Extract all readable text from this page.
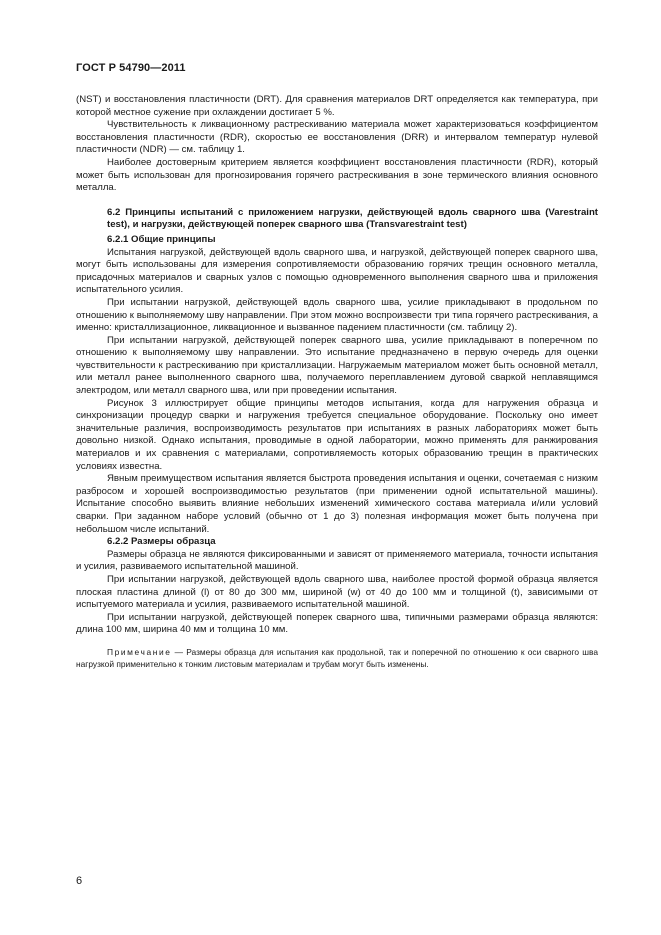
ГОСТ Р 54790—2011

(NST) и восстановления пластичности (DRT). Для сравнения материалов DRT определяется как температура, при которой местное сужение при охлаждении достигает 5 %.

Чувствительность к ликвационному растрескиванию материала может характеризоваться коэффициентом восстановления пластичности (RDR), скоростью ее восстановления (DRR) и интервалом температур нулевой пластичности (NDR) — см. таблицу 1.

Наиболее достоверным критерием является коэффициент восстановления пластичности (RDR), который может быть использован для прогнозирования горячего растрескивания в зоне термического влияния основного металла.

6.2 Принципы испытаний с приложением нагрузки, действующей вдоль сварного шва (Varestraint test), и нагрузки, действующей поперек сварного шва (Transvarestraint test)

6.2.1 Общие принципы

Испытания нагрузкой, действующей вдоль сварного шва, и нагрузкой, действующей поперек сварного шва, могут быть использованы для измерения сопротивляемости образованию горячих трещин основного металла, присадочных материалов и сварных узлов с помощью одновременного выполнения сварного шва и приложения испытательного усилия.

При испытании нагрузкой, действующей вдоль сварного шва, усилие прикладывают в продольном по отношению к выполняемому шву направлении. При этом можно воспроизвести три типа горячего растрескивания, а именно: кристаллизационное, ликвационное и вызванное падением пластичности (см. таблицу 2).

При испытании нагрузкой, действующей поперек сварного шва, усилие прикладывают в поперечном по отношению к выполняемому шву направлении. Это испытание предназначено в первую очередь для оценки чувствительности к растрескиванию при кристаллизации. Нагружаемым материалом может быть основной металл, или металл ранее выполненного сварного шва, получаемого переплавлением дуговой сваркой неплавящимся электродом, или металл сварного шва, или при проведении испытания.

Рисунок 3 иллюстрирует общие принципы методов испытания, когда для нагружения образца и синхронизации процедур сварки и нагружения требуется специальное оборудование. Поскольку оно имеет значительные различия, воспроизводимость результатов при испытаниях в разных лабораториях может быть довольно низкой. Однако испытания, проводимые в одной лаборатории, можно применять для ранжирования материалов и их сравнения с материалами, сопротивляемость которых образованию трещин в практических условиях известна.

Явным преимуществом испытания является быстрота проведения испытания и оценки, сочетаемая с низким разбросом и хорошей воспроизводимостью результатов (при применении одной испытательной машины). Испытание способно выявить влияние небольших изменений химического состава материала и/или условий сварки. При заданном наборе условий (обычно от 1 до 3) полезная информация может быть получена при небольшом числе испытаний.

6.2.2 Размеры образца

Размеры образца не являются фиксированными и зависят от применяемого материала, точности испытания и усилия, развиваемого испытательной машиной.

При испытании нагрузкой, действующей вдоль сварного шва, наиболее простой формой образца является плоская пластина длиной (l) от 80 до 300 мм, шириной (w) от 40 до 100 мм и толщиной (t), зависимыми от испытуемого материала и усилия, развиваемого испытательной машиной.

При испытании нагрузкой, действующей поперек сварного шва, типичными размерами образца являются: длина 100 мм, ширина 40 мм и толщина 10 мм.

Примечание — Размеры образца для испытания как продольной, так и поперечной по отношению к оси сварного шва нагрузкой применительно к тонким листовым материалам и трубам могут быть изменены.

6
